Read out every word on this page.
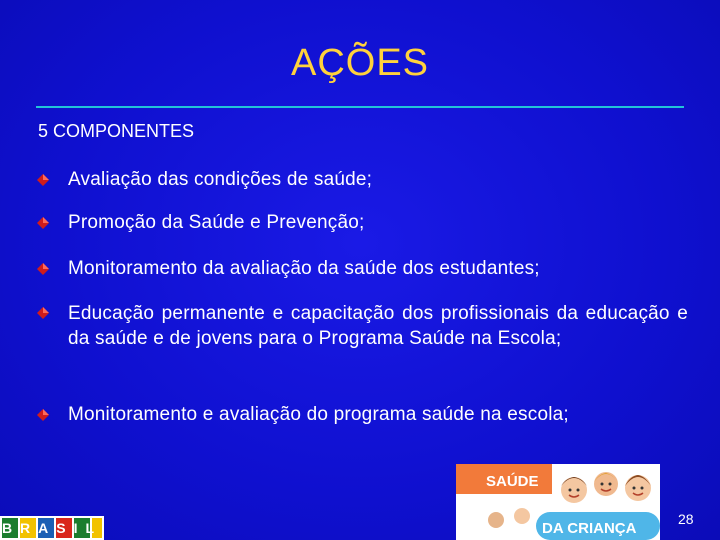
AÇÕES
5 COMPONENTES
Avaliação das condições de saúde;
Promoção da Saúde e Prevenção;
Monitoramento da avaliação da saúde dos estudantes;
Educação permanente e capacitação dos profissionais da educação e da saúde e de jovens para o Programa Saúde na Escola;
Monitoramento e avaliação do programa saúde na escola;
BRASIL
SAÚDE
DA CRIANÇA
28
